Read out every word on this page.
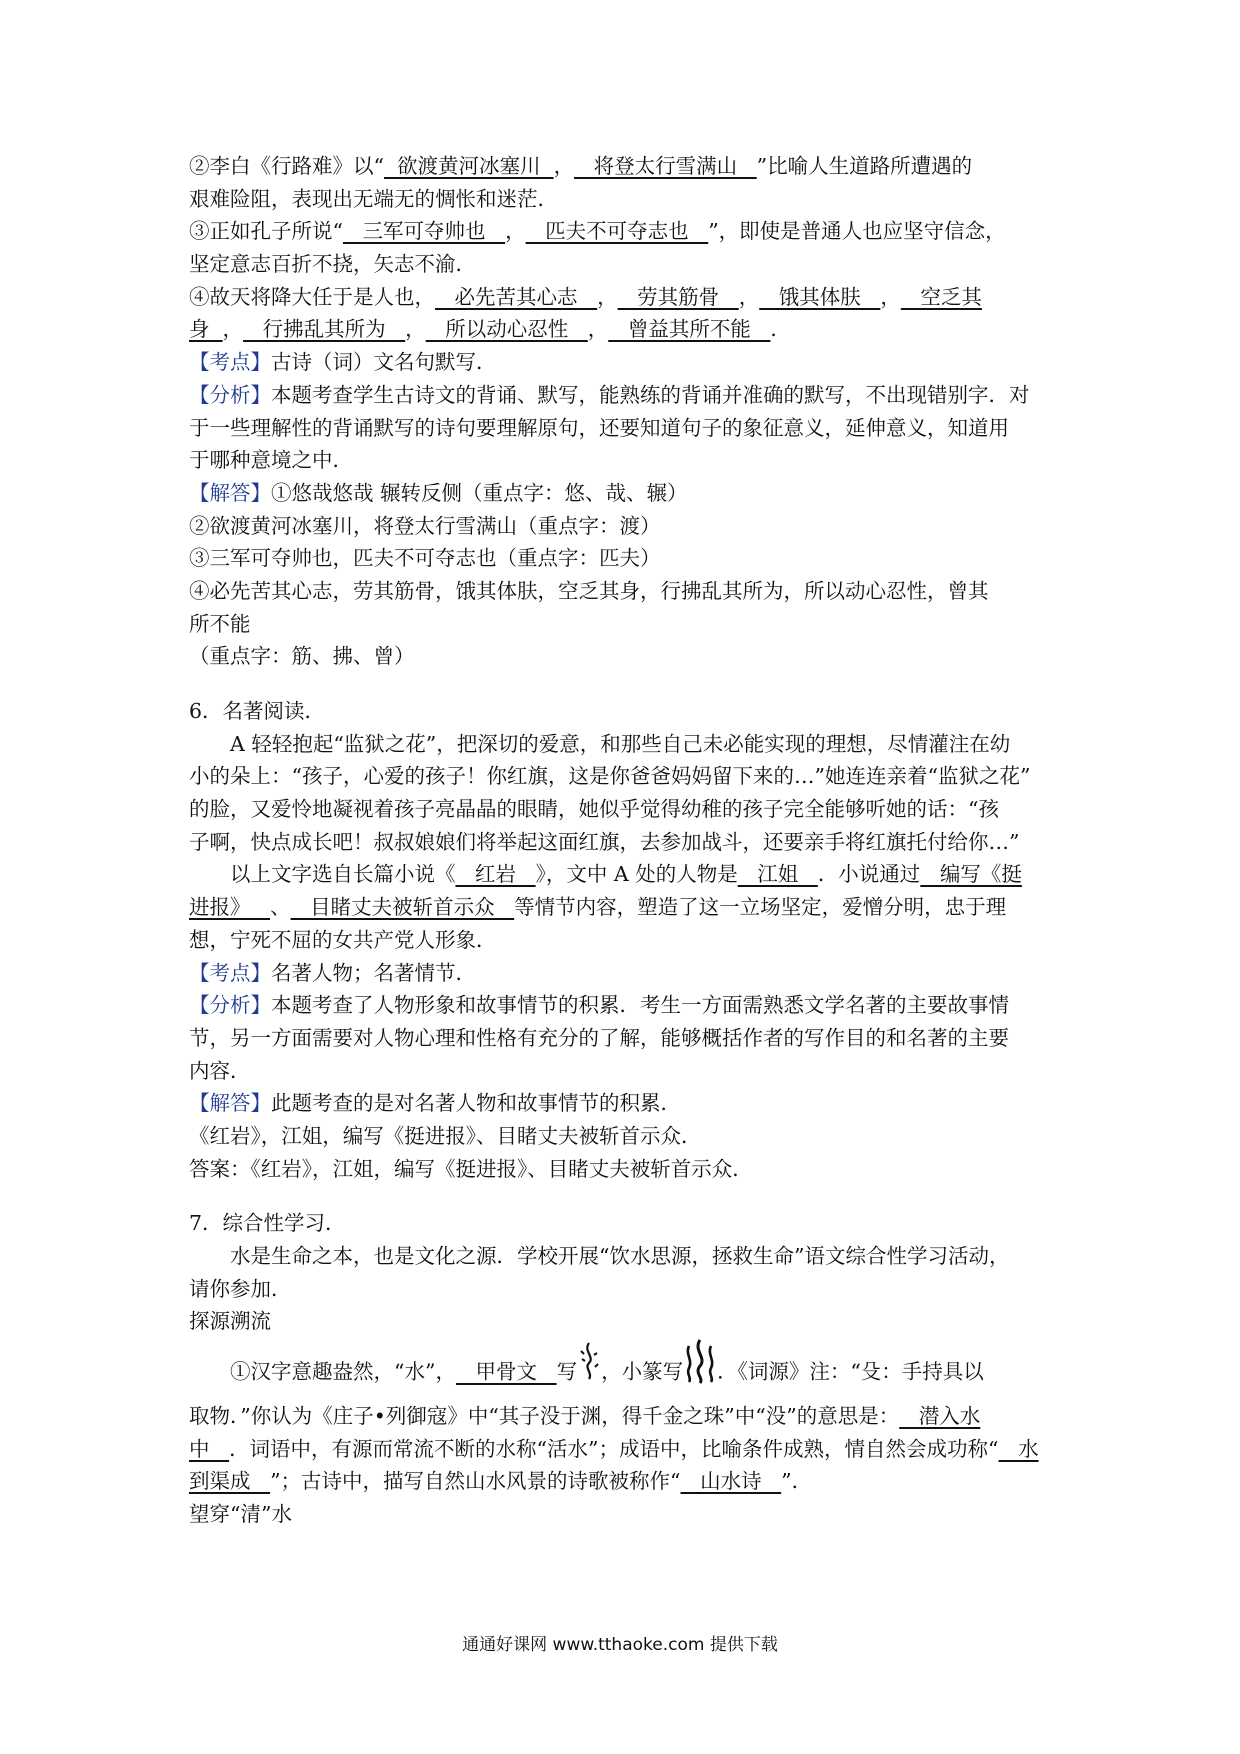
②李白《行路难》以“  欲渡黄河冰塞川  ，   将登太行雪满山   ”比喻人生道路所遭遇的
艰难险阻，表现出无端无的惆怅和迷茫．
③正如孔子所说“   三军可夺帅也   ，   匹夫不可夺志也   ”，即使是普通人也应坚守信念，
坚定意志百折不挠，矢志不渝．
④故天将降大任于是人也，   必先苦其心志   ，   劳其筋骨   ，   饿其体肤   ，   空乏其
身  ，   行拂乱其所为   ，   所以动心忍性   ，   曾益其所不能   ．
【考点】古诗（词）文名句默写．
【分析】本题考查学生古诗文的背诵、默写，能熟练的背诵并准确的默写，不出现错别字．对
于一些理解性的背诵默写的诗句要理解原句，还要知道句子的象征意义，延伸意义，知道用
于哪种意境之中．
【解答】①悠哉悠哉 辗转反侧（重点字：悠、哉、辗）
②欲渡黄河冰塞川，将登太行雪满山（重点字：渡）
③三军可夺帅也，匹夫不可夺志也（重点字：匹夫）
④必先苦其心志，劳其筋骨，饿其体肤，空乏其身，行拂乱其所为，所以动心忍性，曾其
所不能
（重点字：筋、拂、曾）
6．名著阅读．
A 轻轻抱起“监狱之花”，把深切的爱意，和那些自己未必能实现的理想，尽情灌注在幼
小的朵上：“孩子，心爱的孩子！你红旗，这是你爸爸妈妈留下来的…”她连连亲着“监狱之花”
的脸，又爱怜地凝视着孩子亮晶晶的眼睛，她似乎觉得幼稚的孩子完全能够听她的话：“孩
子啊，快点成长吧！叔叔娘娘们将举起这面红旗，去参加战斗，还要亲手将红旗托付给你…”
以上文字选自长篇小说《   红岩   》，文中 A 处的人物是   江姐   ．小说通过   编写《挺
进报》   、   目睹丈夫被斩首示众   等情节内容，塑造了这一立场坚定，爱憎分明，忠于理
想，宁死不屈的女共产党人形象．
【考点】名著人物；名著情节．
【分析】本题考查了人物形象和故事情节的积累．考生一方面需熟悉文学名著的主要故事情
节，另一方面需要对人物心理和性格有充分的了解，能够概括作者的写作目的和名著的主要
内容．
【解答】此题考查的是对名著人物和故事情节的积累．
《红岩》，江姐，编写《挺进报》、目睹丈夫被斩首示众．
答案：《红岩》，江姐，编写《挺进报》、目睹丈夫被斩首示众．
7．综合性学习．
水是生命之本，也是文化之源．学校开展“饮水思源，拯救生命”语文综合性学习活动，
请你参加．
探源溯流
①汉字意趣盎然，“水”，   甲骨文   写 ，小篆写 ．《词源》注：“殳：手持具以
取物．”你认为《庄子•列御寇》中“其子没于渊，得千金之珠”中“没”的意思是：   潜入水
中   ．词语中，有源而常流不断的水称“活水”；成语中，比喻条件成熟，情自然会成功称“   水
到渠成   ”；古诗中，描写自然山水风景的诗歌被称作“   山水诗   ”．
望穿“清”水
通通好课网 www.tthaoke.com 提供下载
